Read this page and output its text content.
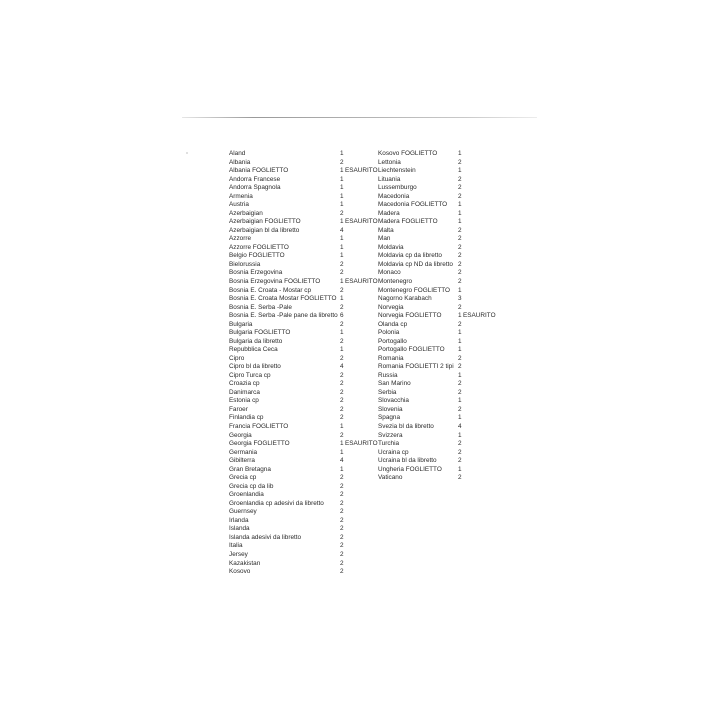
Aland	1
Albania	2
Albania FOGLIETTO	1 ESAURITO
Andorra Francese	1
Andorra Spagnola	1
Armenia	1
Austria	1
Azerbaigian	2
Azerbaigian FOGLIETTO	1 ESAURITO
Azerbaigian bl da libretto	4
Azzorre	1
Azzorre FOGLIETTO	1
Belgio FOGLIETTO	1
Bielorussia	2
Bosnia Erzegovina	2
Bosnia Erzegovina FOGLIETTO	1 ESAURITO
Bosnia E. Croata - Mostar cp	2
Bosnia E. Croata Mostar FOGLIETTO 1
Bosnia E. Serba -Pale	2
Bosnia E. Serba -Pale pane da libretto 6
Bulgaria	2
Bulgaria FOGLIETTO	1
Bulgaria da libretto	2
Repubblica Ceca	1
Cipro	2
Cipro bl da libretto	4
Cipro Turca cp	2
Croazia cp	2
Danimarca	2
Estonia cp	2
Faroer	2
Finlandia cp	2
Francia FOGLIETTO	1
Georgia	2
Georgia FOGLIETTO	1 ESAURITO
Germania	1
Gibilterra	4
Gran Bretagna	1
Grecia cp	2
Grecia cp da lib	2
Groenlandia	2
Groenlandia cp adesivi da libretto	2
Guernsey	2
Irlanda	2
Islanda	2
Islanda adesivi da libretto	2
Italia	2
Jersey	2
Kazakistan	2
Kosovo	2
Kosovo FOGLIETTO	1
Lettonia	2
Liechtenstein	1
Lituania	2
Lussemburgo	2
Macedonia	2
Macedonia FOGLIETTO 1
Madera	1
Madera FOGLIETTO	1
Malta	2
Man	2
Moldavia	2
Moldavia cp da libretto	2
Moldavia cp ND da libretto 2
Monaco	2
Montenegro	2
Montenegro FOGLIETTO 1
Nagorno Karabach	3
Norvegia	2
Norvegia FOGLIETTO	1 ESAURITO
Olanda cp	2
Polonia	1
Portogallo	1
Portogallo FOGLIETTO 1
Romania	2
Romania FOGLIETTI 2 tipi 2
Russia	1
San Marino	2
Serbia	2
Slovacchia	1
Slovenia	2
Spagna	1
Svezia bl da libretto	4
Svizzera	1
Turchia	2
Ucraina cp	2
Ucraina bl da libretto	2
Ungheria FOGLIETTO	1
Vaticano	2
